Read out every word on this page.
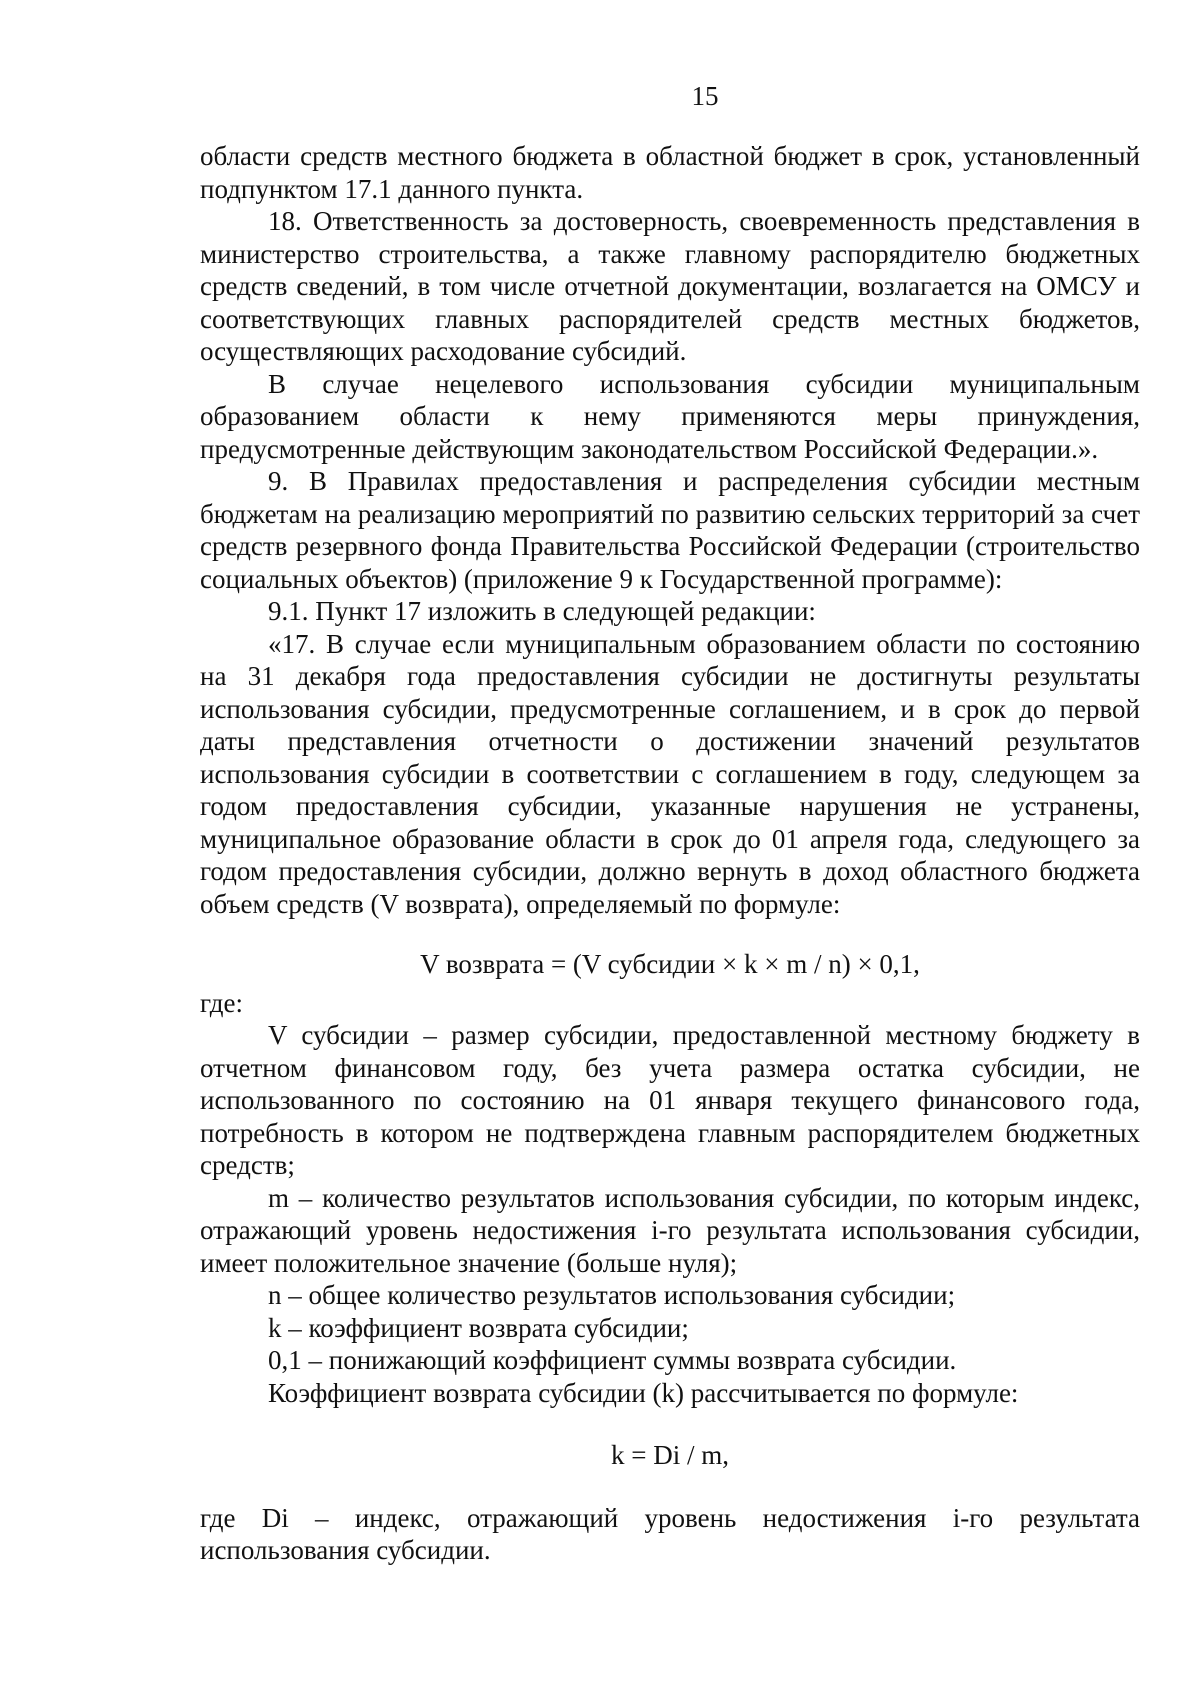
15

области средств местного бюджета в областной бюджет в срок, установленный подпунктом 17.1 данного пункта.

18. Ответственность за достоверность, своевременность представления в министерство строительства, а также главному распорядителю бюджетных средств сведений, в том числе отчетной документации, возлагается на ОМСУ и соответствующих главных распорядителей средств местных бюджетов, осуществляющих расходование субсидий.

В случае нецелевого использования субсидии муниципальным образованием области к нему применяются меры принуждения, предусмотренные действующим законодательством Российской Федерации.».

9. В Правилах предоставления и распределения субсидии местным бюджетам на реализацию мероприятий по развитию сельских территорий за счет средств резервного фонда Правительства Российской Федерации (строительство социальных объектов) (приложение 9 к Государственной программе):

9.1. Пункт 17 изложить в следующей редакции:

«17. В случае если муниципальным образованием области по состоянию на 31 декабря года предоставления субсидии не достигнуты результаты использования субсидии, предусмотренные соглашением, и в срок до первой даты представления отчетности о достижении значений результатов использования субсидии в соответствии с соглашением в году, следующем за годом предоставления субсидии, указанные нарушения не устранены, муниципальное образование области в срок до 01 апреля года, следующего за годом предоставления субсидии, должно вернуть в доход областного бюджета объем средств (V возврата), определяемый по формуле:

V возврата = (V субсидии × k × m / n) × 0,1,

где:

V субсидии – размер субсидии, предоставленной местному бюджету в отчетном финансовом году, без учета размера остатка субсидии, не использованного по состоянию на 01 января текущего финансового года, потребность в котором не подтверждена главным распорядителем бюджетных средств;

m – количество результатов использования субсидии, по которым индекс, отражающий уровень недостижения i-го результата использования субсидии, имеет положительное значение (больше нуля);

n – общее количество результатов использования субсидии;

k – коэффициент возврата субсидии;

0,1 – понижающий коэффициент суммы возврата субсидии.

Коэффициент возврата субсидии (k) рассчитывается по формуле:

k = Di / m,

где Di – индекс, отражающий уровень недостижения i-го результата использования субсидии.
